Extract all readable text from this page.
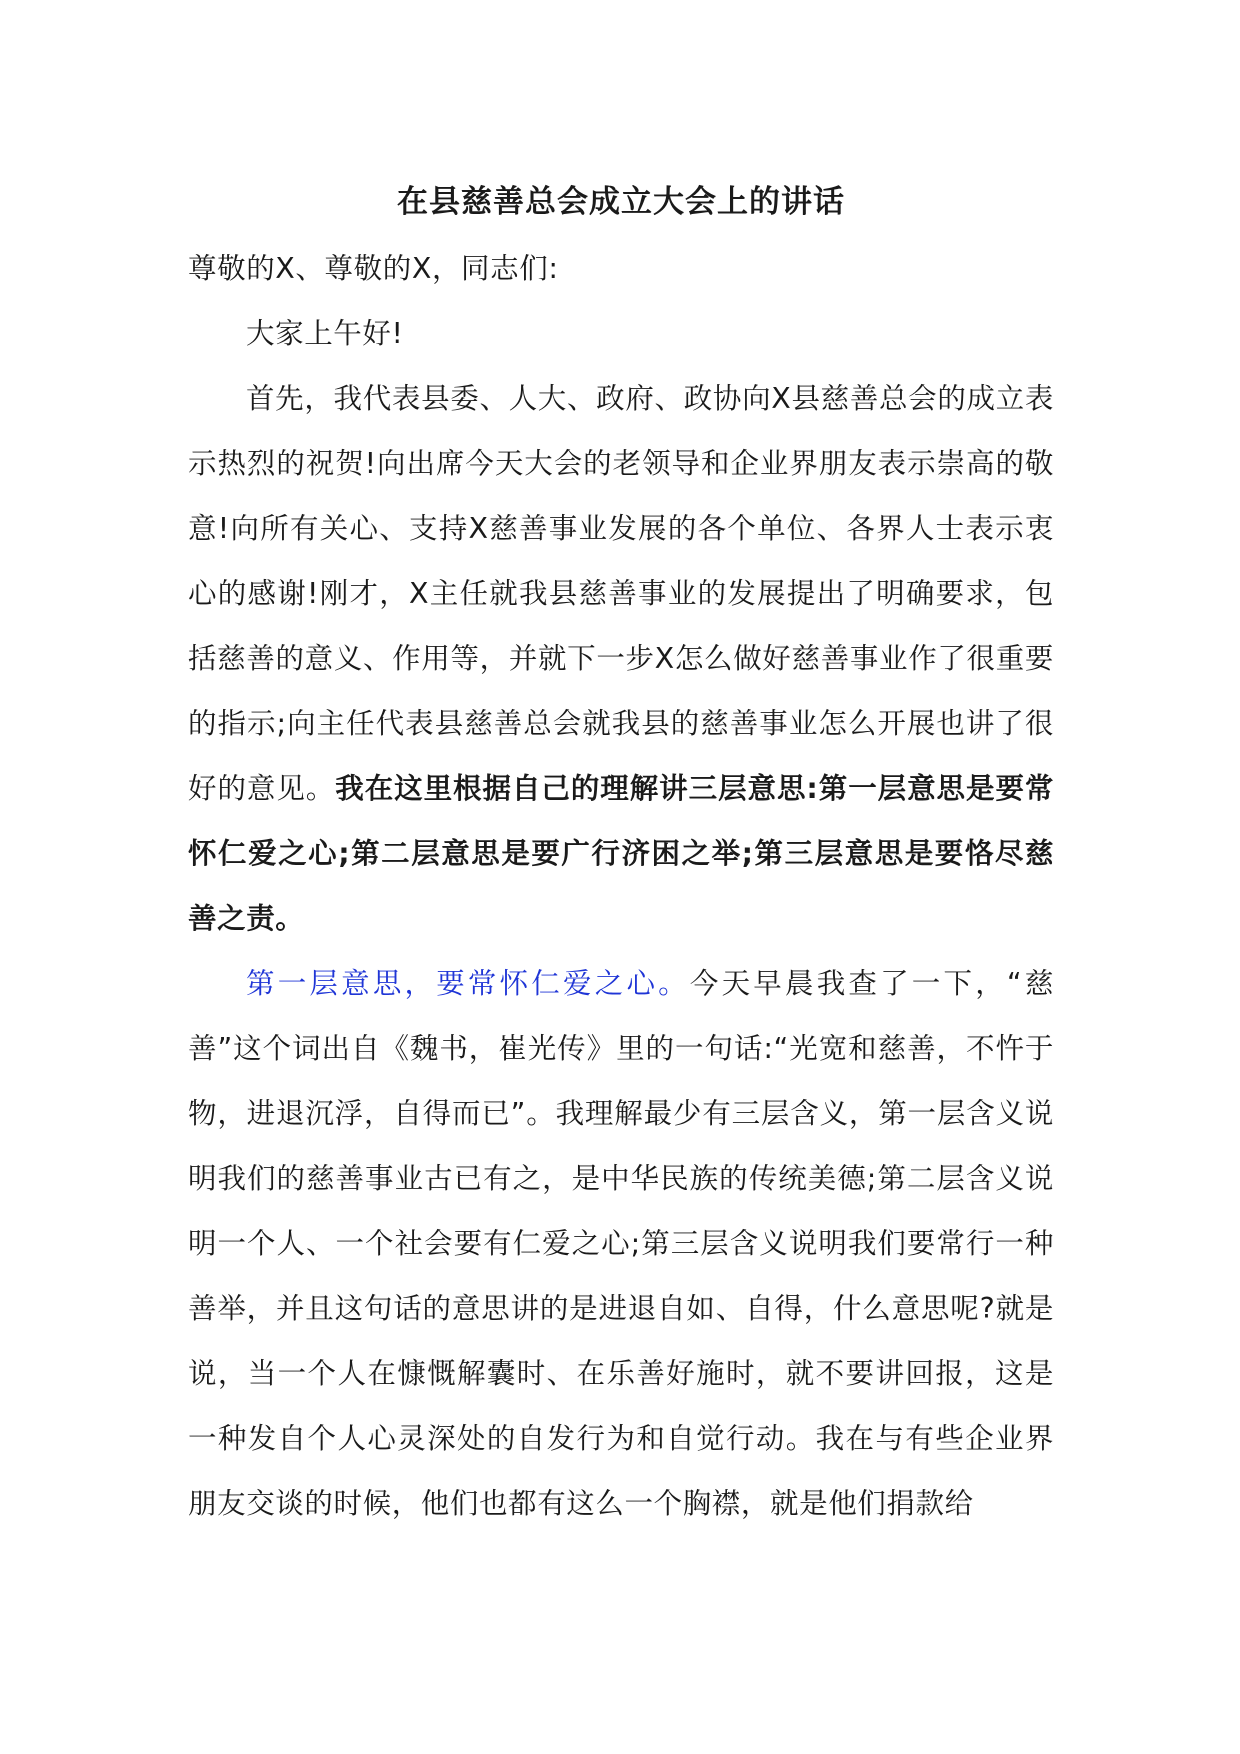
在县慈善总会成立大会上的讲话

尊敬的X、尊敬的X，同志们:

大家上午好!

首先，我代表县委、人大、政府、政协向X县慈善总会的成立表示热烈的祝贺!向出席今天大会的老领导和企业界朋友表示崇高的敬意!向所有关心、支持X慈善事业发展的各个单位、各界人士表示衷心的感谢!刚才，X主任就我县慈善事业的发展提出了明确要求，包括慈善的意义、作用等，并就下一步X怎么做好慈善事业作了很重要的指示;向主任代表县慈善总会就我县的慈善事业怎么开展也讲了很好的意见。我在这里根据自己的理解讲三层意思:第一层意思是要常怀仁爱之心;第二层意思是要广行济困之举;第三层意思是要恪尽慈善之责。

第一层意思，要常怀仁爱之心。今天早晨我查了一下，“慈善”这个词出自《魏书，崔光传》里的一句话:“光宽和慈善，不忤于物，进退沉浮，自得而已”。我理解最少有三层含义，第一层含义说明我们的慈善事业古已有之，是中华民族的传统美德;第二层含义说明一个人、一个社会要有仁爱之心;第三层含义说明我们要常行一种善举，并且这句话的意思讲的是进退自如、自得，什么意思呢?就是说，当一个人在慷慨解囊时、在乐善好施时，就不要讲回报，这是一种发自个人心灵深处的自发行为和自觉行动。我在与有些企业界朋友交谈的时候，他们也都有这么一个胸襟，就是他们捐款给
